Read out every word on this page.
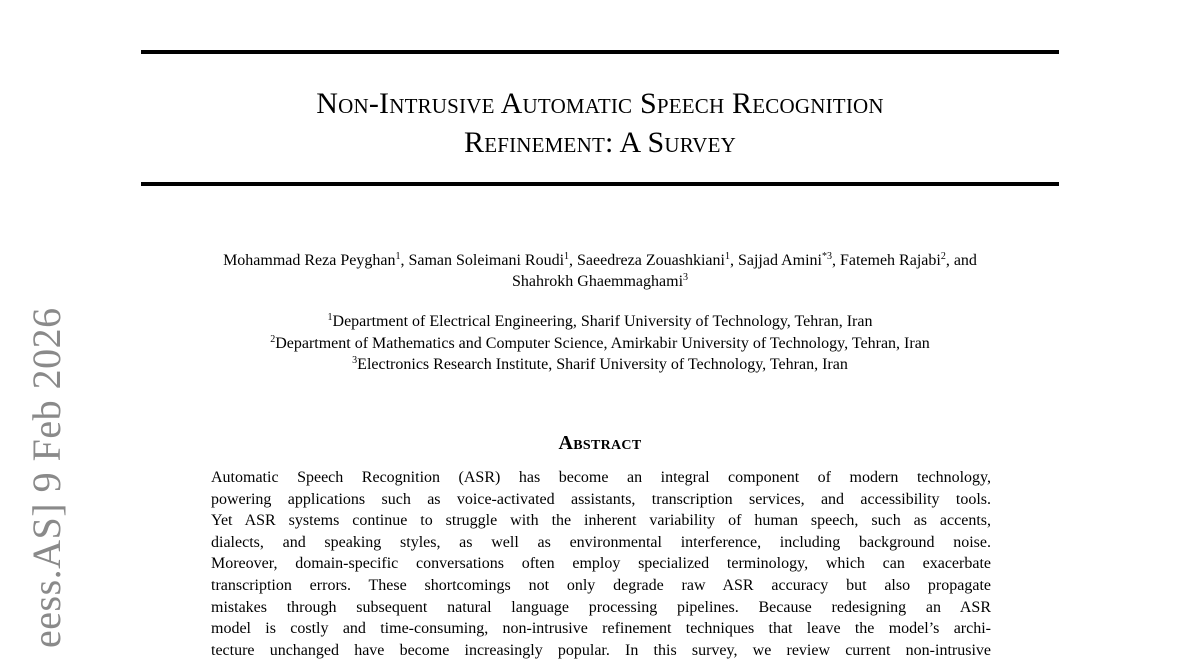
Non-Intrusive Automatic Speech Recognition
Refinement: A Survey
Mohammad Reza Peyghan$^1$, Saman Soleimani Roudi$^1$, Saeedreza Zouashkiani$^1$, Sajjad Amini$^{*3}$, Fatemeh Rajabi$^2$, and
Shahrokh Ghaemmaghami$^3$
$^1$Department of Electrical Engineering, Sharif University of Technology, Tehran, Iran
$^2$Department of Mathematics and Computer Science, Amirkabir University of Technology, Tehran, Iran
$^3$Electronics Research Institute, Sharif University of Technology, Tehran, Iran
Abstract

Automatic Speech Recognition (ASR) has become an integral component of modern technology,
powering applications such as voice-activated assistants, transcription services, and accessibility tools.
Yet ASR systems continue to struggle with the inherent variability of human speech, such as accents,
dialects, and speaking styles, as well as environmental interference, including background noise.
Moreover, domain-specific conversations often employ specialized terminology, which can exacerbate
transcription errors. These shortcomings not only degrade raw ASR accuracy but also propagate
mistakes through subsequent natural language processing pipelines. Because redesigning an ASR
model is costly and time-consuming, non-intrusive refinement techniques that leave the model’s archi-
tecture unchanged have become increasingly popular. In this survey, we review current non-intrusive

eess.AS] 9 Feb 2026
